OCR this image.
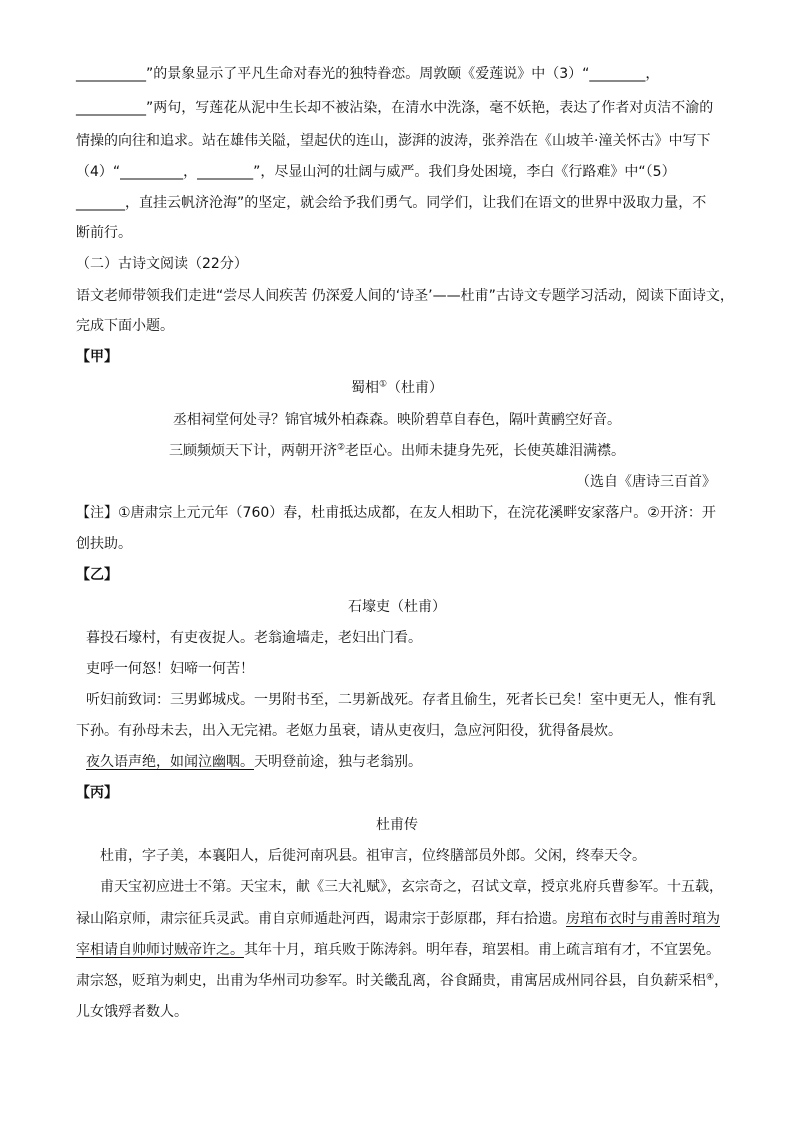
__________”的景象显示了平凡生命对春光的独特眷恋。周敦颐《爱莲说》中（3）“________，
__________”两句，写莲花从泥中生长却不被沾染，在清水中洗涤，毫不妖艳，表达了作者对贞洁不渝的
情操的向往和追求。站在雄伟关隘，望起伏的连山，澎湃的波涛，张养浩在《山坡羊·潼关怀古》中写下
（4）“_________，________”，尽显山河的壮阔与威严。我们身处困境，李白《行路难》中“（5）
_______，直挂云帆济沧海”的坚定，就会给予我们勇气。同学们，让我们在语文的世界中汲取力量，不
断前行。
（二）古诗文阅读（22分）
语文老师带领我们走进“尝尽人间疾苦 仍深爱人间的‘诗圣’——杜甫”古诗文专题学习活动，阅读下面诗文，
完成下面小题。
【甲】
蜀相①（杜甫）
丞相祠堂何处寻？锦官城外柏森森。映阶碧草自春色，隔叶黄鹂空好音。
三顾频烦天下计，两朝开济②老臣心。出师未捷身先死，长使英雄泪满襟。
（选自《唐诗三百首》
【注】①唐肃宗上元元年（760）春，杜甫抵达成都，在友人相助下，在浣花溪畔安家落户。②开济：开
创扶助。
【乙】
石壕吏（杜甫）
暮投石壕村，有吏夜捉人。老翁逾墙走，老妇出门看。
吏呼一何怒！妇啼一何苦！
听妇前致词：三男邺城戍。一男附书至，二男新战死。存者且偷生，死者长已矣！室中更无人，惟有乳
下孙。有孙母未去，出入无完裙。老妪力虽衰，请从吏夜归，急应河阳役，犹得备晨炊。
夜久语声绝，如闻泣幽咽。天明登前途，独与老翁别。
【丙】
杜甫传
杜甫，字子美，本襄阳人，后徙河南巩县。祖审言，位终膳部员外郎。父闲，终奉天令。
甫天宝初应进士不第。天宝末，献《三大礼赋》，玄宗奇之，召试文章，授京兆府兵曹参军。十五载，
禄山陷京师，肃宗征兵灵武。甫自京师遁赴河西，谒肃宗于彭原郡，拜右拾遗。房琯布衣时与甫善时琯为
宰相请自帅师讨贼帝许之。其年十月，琯兵败于陈涛斜。明年春，琯罢相。甫上疏言琯有才，不宜罢免。
肃宗怒，贬琯为刺史，出甫为华州司功参军。时关畿乱离，谷食踊贵，甫寓居成州同谷县，自负薪采梠④，
儿女饿殍者数人。
